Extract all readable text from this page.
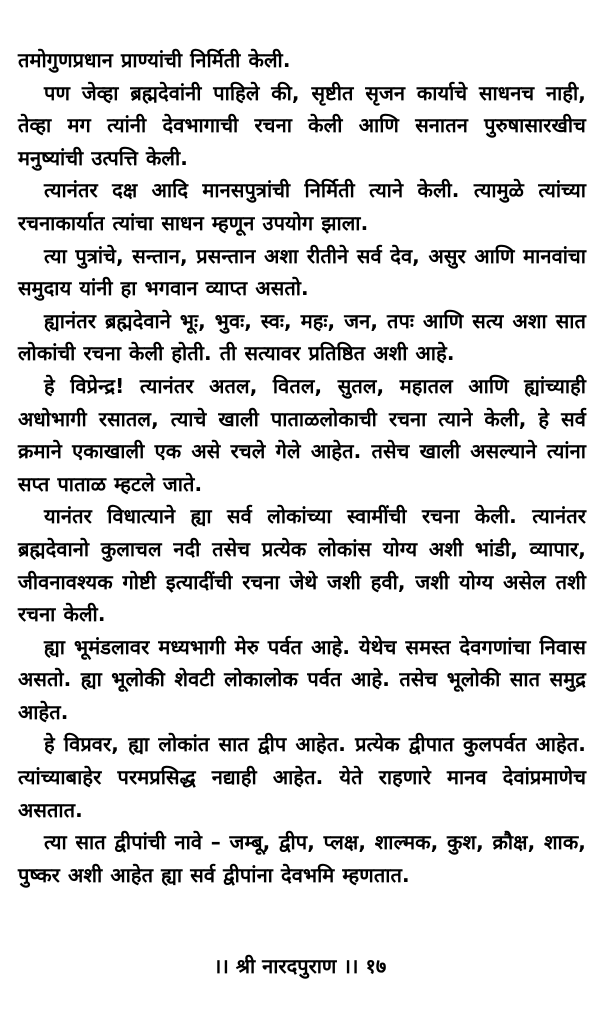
तमोगुणप्रधान प्राण्यांची निर्मिती केली.

पण जेव्हा ब्रह्मदेवांनी पाहिले की, सृष्टीत सृजन कार्याचे साधनच नाही, तेव्हा मग त्यांनी देवभागाची रचना केली आणि सनातन पुरुषासारखीच मनुष्यांची उत्पत्ति केली.

त्यानंतर दक्ष आदि मानसपुत्रांची निर्मिती त्याने केली. त्यामुळे त्यांच्या रचनाकार्यात त्यांचा साधन म्हणून उपयोग झाला.

त्या पुत्रांचे, सन्तान, प्रसन्तान अशा रीतीने सर्व देव, असुर आणि मानवांचा समुदाय यांनी हा भगवान व्याप्त असतो.

ह्यानंतर ब्रह्मदेवाने भूः, भुवः, स्वः, महः, जन, तपः आणि सत्य अशा सात लोकांची रचना केली होती. ती सत्यावर प्रतिष्ठित अशी आहे.

हे विप्रेन्द्र! त्यानंतर अतल, वितल, सुतल, महातल आणि ह्यांच्याही अधोभागी रसातल, त्याचे खाली पाताळलोकाची रचना त्याने केली, हे सर्व क्रमाने एकाखाली एक असे रचले गेले आहेत. तसेच खाली असल्याने त्यांना सप्त पाताळ म्हटले जाते.

यानंतर विधात्याने ह्या सर्व लोकांच्या स्वामींची रचना केली. त्यानंतर ब्रह्मदेवानो कुलाचल नदी तसेच प्रत्येक लोकांस योग्य अशी भांडी, व्यापार, जीवनावश्यक गोष्टी इत्यादींची रचना जेथे जशी हवी, जशी योग्य असेल तशी रचना केली.

ह्या भूमंडलावर मध्यभागी मेरु पर्वत आहे. येथेच समस्त देवगणांचा निवास असतो. ह्या भूलोकी शेवटी लोकालोक पर्वत आहे. तसेच भूलोकी सात समुद्र आहेत.

हे विप्रवर, ह्या लोकांत सात द्वीप आहेत. प्रत्येक द्वीपात कुलपर्वत आहेत. त्यांच्याबाहेर परमप्रसिद्ध नद्याही आहेत. येते राहणारे मानव देवांप्रमाणेच असतात.

त्या सात द्वीपांची नावे – जम्बू, द्वीप, प्लक्ष, शाल्मक, कुश, क्रौक्ष, शाक, पुष्कर अशी आहेत ह्या सर्व द्वीपांना देवभमि म्हणतात.

।। श्री नारदपुराण ।। १७
